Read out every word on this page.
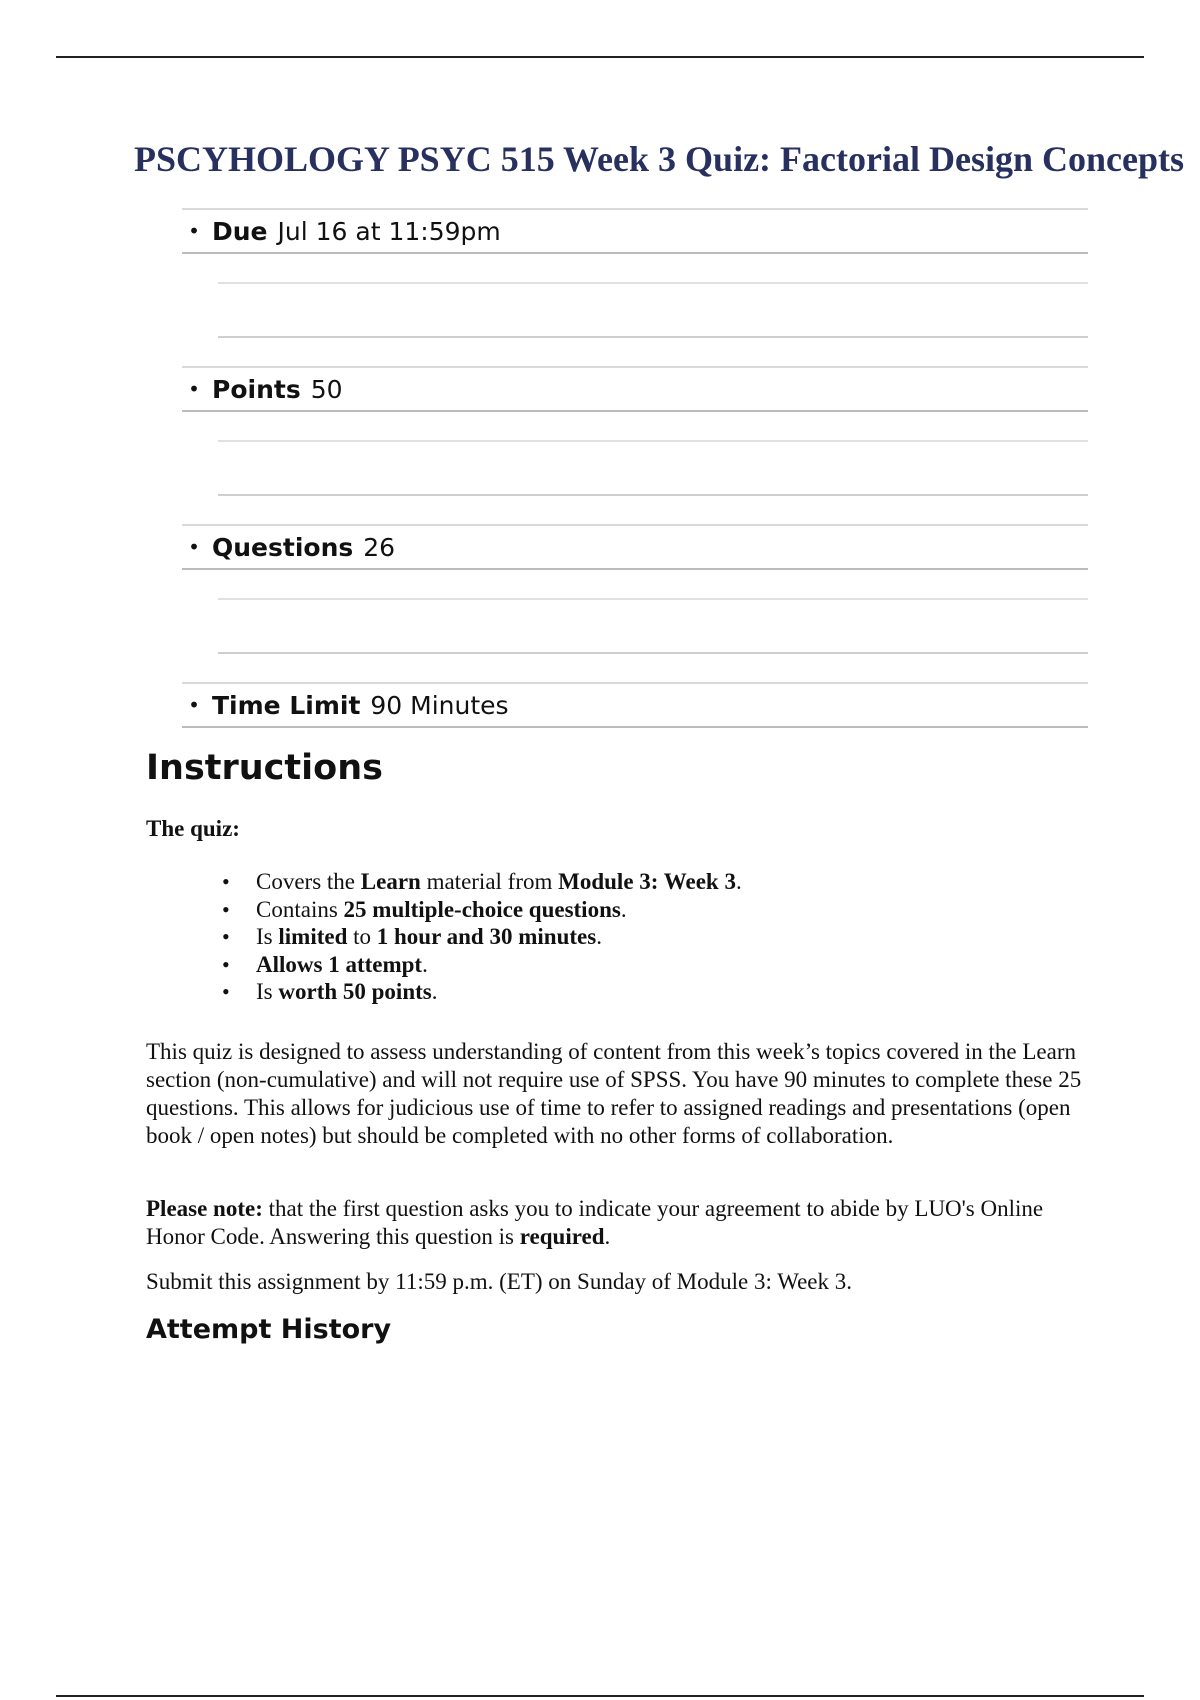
PSCYHOLOGY PSYC 515 Week 3 Quiz: Factorial Design Concepts
• Due Jul 16 at 11:59pm
• Points 50
• Questions 26
• Time Limit 90 Minutes
Instructions

The quiz:

• Covers the Learn material from Module 3: Week 3.
• Contains 25 multiple-choice questions.
• Is limited to 1 hour and 30 minutes.
• Allows 1 attempt.
• Is worth 50 points.

This quiz is designed to assess understanding of content from this week’s topics covered in the Learn section (non-cumulative) and will not require use of SPSS. You have 90 minutes to complete these 25 questions. This allows for judicious use of time to refer to assigned readings and presentations (open book / open notes) but should be completed with no other forms of collaboration.

Please note: that the first question asks you to indicate your agreement to abide by LUO's Online Honor Code. Answering this question is required.

Submit this assignment by 11:59 p.m. (ET) on Sunday of Module 3: Week 3.

Attempt History
